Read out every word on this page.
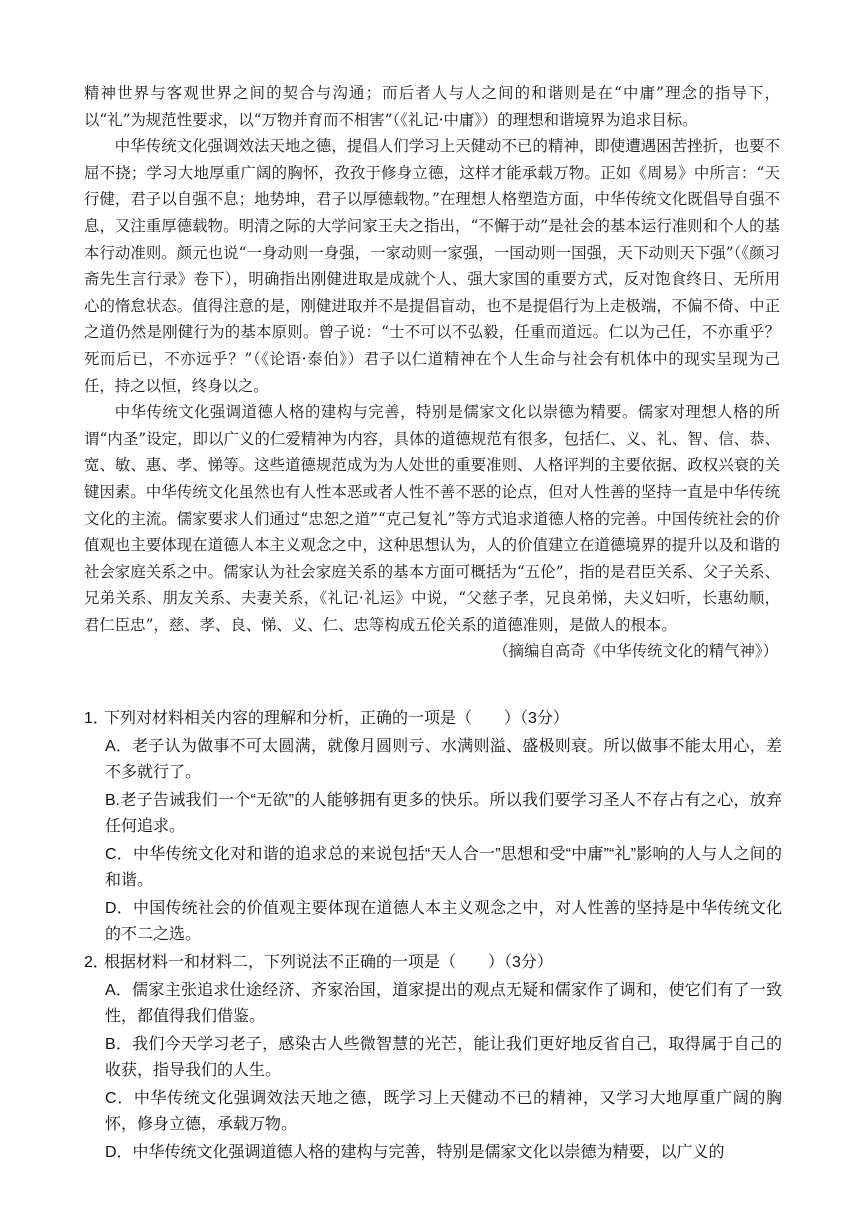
精神世界与客观世界之间的契合与沟通；而后者人与人之间的和谐则是在“中庸”理念的指导下，以“礼”为规范性要求，以“万物并育而不相害”（《礼记·中庸》）的理想和谐境界为追求目标。

中华传统文化强调效法天地之德，提倡人们学习上天健动不已的精神，即使遭遇困苦挫折，也要不屈不挠；学习大地厚重广阔的胸怀，孜孜于修身立德，这样才能承载万物。正如《周易》中所言：“天行健，君子以自强不息；地势坤，君子以厚德载物。”在理想人格塑造方面，中华传统文化既倡导自强不息，又注重厚德载物。明清之际的大学问家王夫之指出，“不懈于动”是社会的基本运行准则和个人的基本行动准则。颜元也说“一身动则一身强，一家动则一家强，一国动则一国强，天下动则天下强”（《颜习斋先生言行录》卷下），明确指出刚健进取是成就个人、强大家国的重要方式，反对饱食终日、无所用心的惰怠状态。值得注意的是，刚健进取并不是提倡盲动，也不是提倡行为上走极端，不偏不倚、中正之道仍然是刚健行为的基本原则。曾子说：“士不可以不弘毅，任重而道远。仁以为己任，不亦重乎？死而后已，不亦远乎？”（《论语·泰伯》）君子以仁道精神在个人生命与社会有机体中的现实呈现为己任，持之以恒，终身以之。

中华传统文化强调道德人格的建构与完善，特别是儒家文化以崇德为精要。儒家对理想人格的所谓“内圣”设定，即以广义的仁爱精神为内容，具体的道德规范有很多，包括仁、义、礼、智、信、恭、宽、敏、惠、孝、悌等。这些道德规范成为为人处世的重要准则、人格评判的主要依据、政权兴衰的关键因素。中华传统文化虽然也有人性本恶或者人性不善不恶的论点，但对人性善的坚持一直是中华传统文化的主流。儒家要求人们通过“忠恕之道”“克己复礼”等方式追求道德人格的完善。中国传统社会的价值观也主要体现在道德人本主义观念之中，这种思想认为，人的价值建立在道德境界的提升以及和谐的社会家庭关系之中。儒家认为社会家庭关系的基本方面可概括为“五伦”，指的是君臣关系、父子关系、兄弟关系、朋友关系、夫妻关系，《礼记·礼运》中说，“父慈子孝，兄良弟悌，夫义妇听，长惠幼顺，君仁臣忠”，慈、孝、良、悌、义、仁、忠等构成五伦关系的道德准则，是做人的根本。

（摘编自高奇《中华传统文化的精气神》）

1．下列对材料相关内容的理解和分析，正确的一项是（　　）（3分）

A．老子认为做事不可太圆满，就像月圆则亏、水满则溢、盛极则衰。所以做事不能太用心，差不多就行了。

B.老子告诫我们一个“无欲”的人能够拥有更多的快乐。所以我们要学习圣人不存占有之心，放弃任何追求。

C．中华传统文化对和谐的追求总的来说包括“天人合一”思想和受“中庸”“礼”影响的人与人之间的和谐。

D．中国传统社会的价值观主要体现在道德人本主义观念之中，对人性善的坚持是中华传统文化的不二之选。

2．根据材料一和材料二，下列说法不正确的一项是（　　）（3分）

A．儒家主张追求仕途经济、齐家治国，道家提出的观点无疑和儒家作了调和，使它们有了一致性，都值得我们借鉴。

B．我们今天学习老子，感染古人些微智慧的光芒，能让我们更好地反省自己，取得属于自己的收获，指导我们的人生。

C．中华传统文化强调效法天地之德，既学习上天健动不已的精神，又学习大地厚重广阔的胸怀，修身立德，承载万物。

D．中华传统文化强调道德人格的建构与完善，特别是儒家文化以崇德为精要，以广义的
